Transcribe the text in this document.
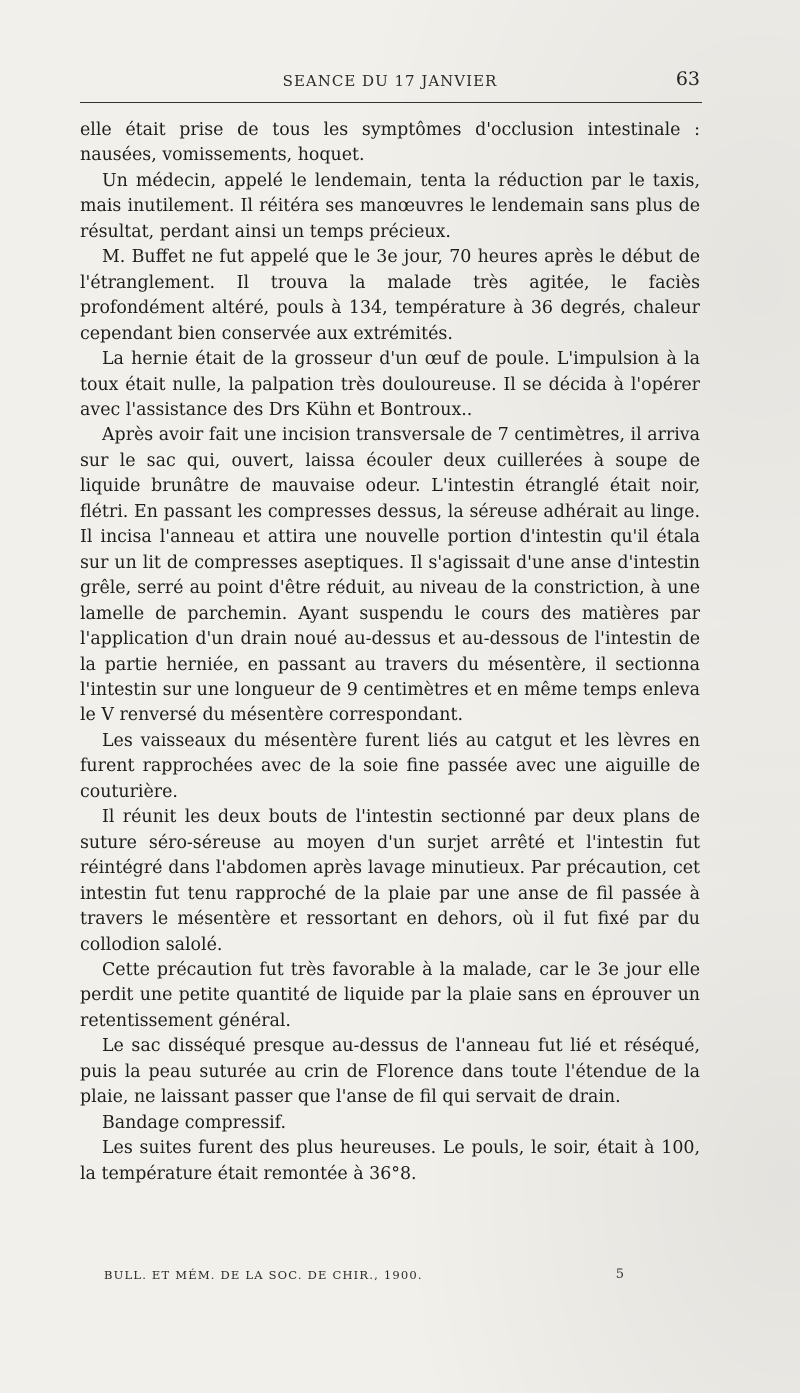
SEANCE DU 17 JANVIER	63

elle était prise de tous les symptômes d'occlusion intestinale : nausées, vomissements, hoquet.

Un médecin, appelé le lendemain, tenta la réduction par le taxis, mais inutilement. Il réitéra ses manœuvres le lendemain sans plus de résultat, perdant ainsi un temps précieux.

M. Buffet ne fut appelé que le 3e jour, 70 heures après le début de l'étranglement. Il trouva la malade très agitée, le faciès profondément altéré, pouls à 134, température à 36 degrés, chaleur cependant bien conservée aux extrémités.

La hernie était de la grosseur d'un œuf de poule. L'impulsion à la toux était nulle, la palpation très douloureuse. Il se décida à l'opérer avec l'assistance des Drs Kühn et Bontroux..

Après avoir fait une incision transversale de 7 centimètres, il arriva sur le sac qui, ouvert, laissa écouler deux cuillerées à soupe de liquide brunâtre de mauvaise odeur. L'intestin étranglé était noir, flétri. En passant les compresses dessus, la séreuse adhérait au linge. Il incisa l'anneau et attira une nouvelle portion d'intestin qu'il étala sur un lit de compresses aseptiques. Il s'agissait d'une anse d'intestin grêle, serré au point d'être réduit, au niveau de la constriction, à une lamelle de parchemin. Ayant suspendu le cours des matières par l'application d'un drain noué au-dessus et au-dessous de l'intestin de la partie herniée, en passant au travers du mésentère, il sectionna l'intestin sur une longueur de 9 centimètres et en même temps enleva le V renversé du mésentère correspondant.

Les vaisseaux du mésentère furent liés au catgut et les lèvres en furent rapprochées avec de la soie fine passée avec une aiguille de couturière.

Il réunit les deux bouts de l'intestin sectionné par deux plans de suture séro-séreuse au moyen d'un surjet arrêté et l'intestin fut réintégré dans l'abdomen après lavage minutieux. Par précaution, cet intestin fut tenu rapproché de la plaie par une anse de fil passée à travers le mésentère et ressortant en dehors, où il fut fixé par du collodion salolé.

Cette précaution fut très favorable à la malade, car le 3e jour elle perdit une petite quantité de liquide par la plaie sans en éprouver un retentissement général.

Le sac disséqué presque au-dessus de l'anneau fut lié et réséqué, puis la peau suturée au crin de Florence dans toute l'étendue de la plaie, ne laissant passer que l'anse de fil qui servait de drain.

Bandage compressif.

Les suites furent des plus heureuses. Le pouls, le soir, était à 100, la température était remontée à 36°8.

BULL. ET MÉM. DE LA SOC. DE CHIR., 1900.	5
